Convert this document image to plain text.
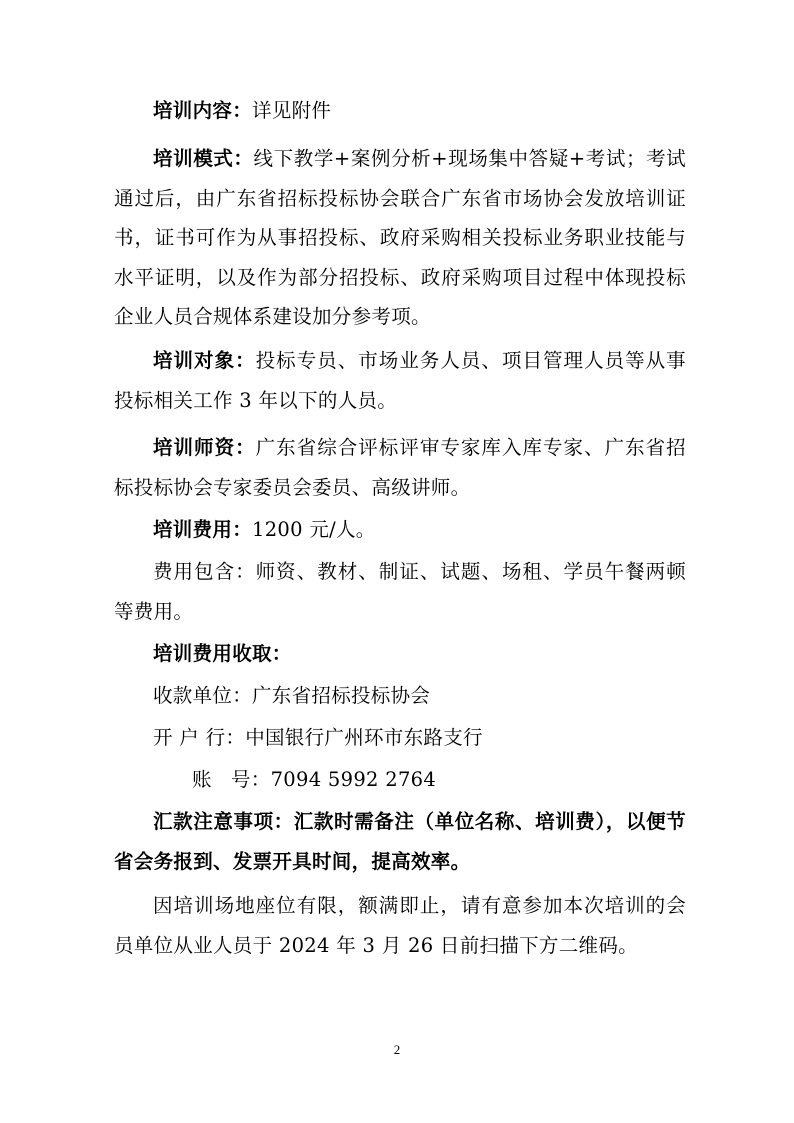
培训内容：详见附件

培训模式：线下教学+案例分析+现场集中答疑+考试；考试通过后，由广东省招标投标协会联合广东省市场协会发放培训证书，证书可作为从事招投标、政府采购相关投标业务职业技能与水平证明，以及作为部分招投标、政府采购项目过程中体现投标企业人员合规体系建设加分参考项。

培训对象：投标专员、市场业务人员、项目管理人员等从事投标相关工作 3 年以下的人员。

培训师资：广东省综合评标评审专家库入库专家、广东省招标投标协会专家委员会委员、高级讲师。

培训费用：1200 元/人。

费用包含：师资、教材、制证、试题、场租、学员午餐两顿等费用。

培训费用收取：

收款单位：广东省招标投标协会

开 户 行：中国银行广州环市东路支行

账 号：7094 5992 2764

汇款注意事项：汇款时需备注（单位名称、培训费），以便节省会务报到、发票开具时间，提高效率。

因培训场地座位有限，额满即止，请有意参加本次培训的会员单位从业人员于 2024 年 3 月 26 日前扫描下方二维码。

2
